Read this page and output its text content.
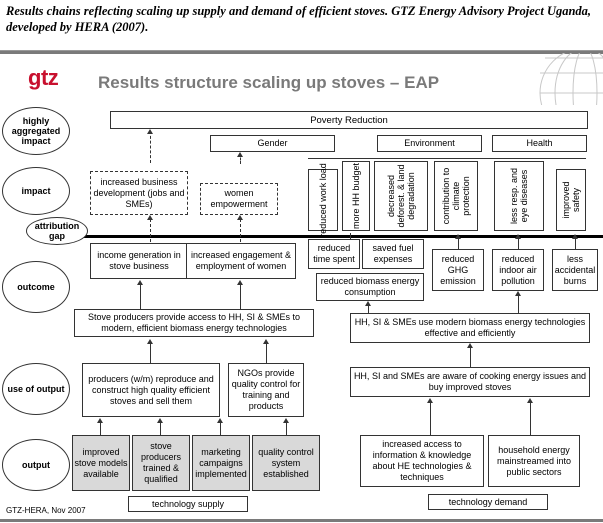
Results chains reflecting scaling up supply and demand of efficient stoves. GTZ Energy Advisory Project Uganda, developed by HERA (2007).
gtz Results structure scaling up stoves – EAP
highly aggregated impact
impact
attribution gap
outcome
use of output
output
Poverty Reduction
Gender	Environment	Health
increased business development (jobs and SMEs)
women empowerment	reduced work load	more HH budget	decreased deforest. & land degradation	contribution to climate protection	less resp. and eye diseases	improved safety
income generation in stove business
increased engagement & employment of women
reduced time spent
saved fuel expenses	reduced GHG emission
reduced indoor air pollution
less accidental burns
reduced biomass energy consumption
Stove producers provide access to HH, SI & SMEs to modern, efficient biomass energy technologies
HH, SI & SMEs use modern biomass energy technologies effective and efficiently
producers (w/m) reproduce and construct high quality efficient stoves and sell them
NGOs provide quality control for training and products
HH, SI and SMEs are aware of cooking energy issues and buy improved stoves
improved stove models available
stove producers trained & qualified
marketing campaigns implemented
quality control system established
increased access to information & knowledge about HE technologies & techniques
household energy mainstreamed into public sectors
technology supply	technology demand
GTZ-HERA, Nov 2007
